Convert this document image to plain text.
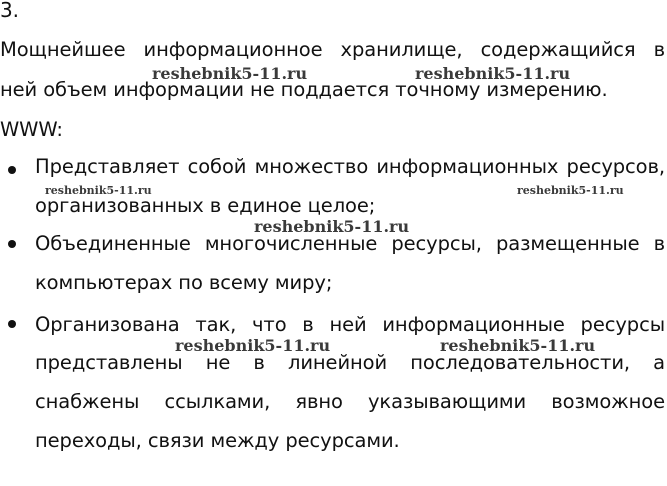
3.
Мощнейшее информационное хранилище, содержащийся в
ней объем информации не поддается точному измерению.
WWW:
Представляет собой множество информационных ресурсов,
организованных в единое целое;
Объединенные многочисленные ресурсы, размещенные в
компьютерах по всему миру;
Организована так, что в ней информационные ресурсы
представлены не в линейной последовательности, а
снабжены ссылками, явно указывающими возможное
переходы, связи между ресурсами.
reshebnik5-11.ru	reshebnik5-11.ru
reshebnik5-11.ru	reshebnik5-11.ru
reshebnik5-11.ru
reshebnik5-11.ru	reshebnik5-11.ru
